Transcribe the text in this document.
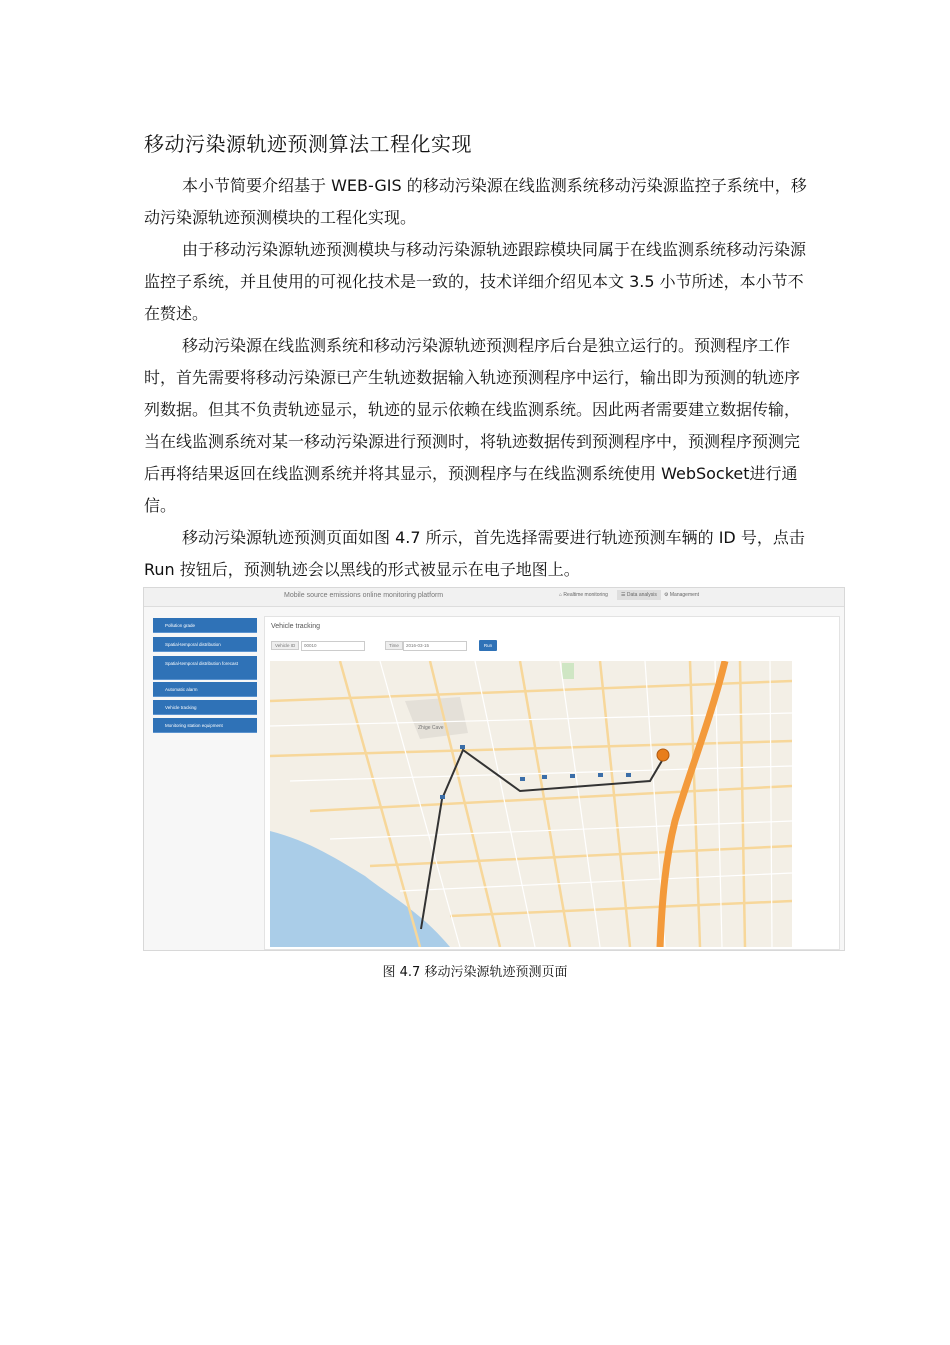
移动污染源轨迹预测算法工程化实现

本小节简要介绍基于 WEB-GIS 的移动污染源在线监测系统移动污染源监控子系统中，移动污染源轨迹预测模块的工程化实现。

由于移动污染源轨迹预测模块与移动污染源轨迹跟踪模块同属于在线监测系统移动污染源监控子系统，并且使用的可视化技术是一致的，技术详细介绍见本文 3.5 小节所述，本小节不在赘述。

移动污染源在线监测系统和移动污染源轨迹预测程序后台是独立运行的。预测程序工作时，首先需要将移动污染源已产生轨迹数据输入轨迹预测程序中运行，输出即为预测的轨迹序列数据。但其不负责轨迹显示，轨迹的显示依赖在线监测系统。因此两者需要建立数据传输，当在线监测系统对某一移动污染源进行预测时，将轨迹数据传到预测程序中，预测程序预测完后再将结果返回在线监测系统并将其显示，预测程序与在线监测系统使用 WebSocket进行通信。

移动污染源轨迹预测页面如图 4.7 所示，首先选择需要进行轨迹预测车辆的 ID 号，点击 Run 按钮后，预测轨迹会以黑线的形式被显示在电子地图上。

Mobile source emissions online monitoring platform	⌂ Realtime monitoring	☰ Data analysis	⚙ Management
Pollution grade
Spatial-temporal distribution
Spatial-temporal distribution forecast
Automatic alarm
Vehicle tracking
Monitoring station equipment
Vehicle tracking
Vehicle ID	00010	Time	2016-03-15	Run
Zhige Cave
图 4.7 移动污染源轨迹预测页面
